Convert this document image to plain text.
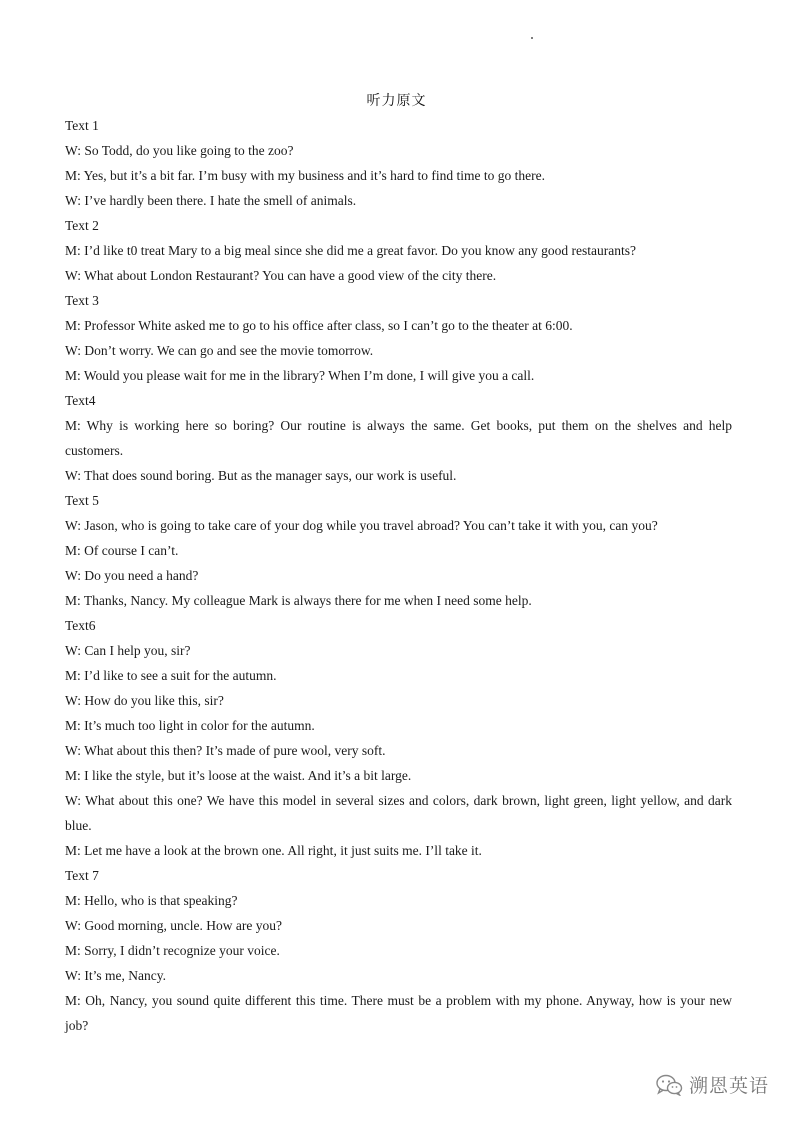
听力原文

Text 1

W: So Todd, do you like going to the zoo?

M: Yes, but it’s a bit far. I’m busy with my business and it’s hard to find time to go there.

W: I’ve hardly been there. I hate the smell of animals.

Text 2

M: I’d like t0 treat Mary to a big meal since she did me a great favor. Do you know any good restaurants?

W: What about London Restaurant? You can have a good view of the city there.

Text 3

M: Professor White asked me to go to his office after class, so I can’t go to the theater at 6:00.

W: Don’t worry. We can go and see the movie tomorrow.

M: Would you please wait for me in the library? When I’m done, I will give you a call.

Text4

M: Why is working here so boring? Our routine is always the same. Get books, put them on the shelves and help customers.

W: That does sound boring. But as the manager says, our work is useful.

Text 5

W: Jason, who is going to take care of your dog while you travel abroad? You can’t take it with you, can you?

M: Of course I can’t.

W: Do you need a hand?

M: Thanks, Nancy. My colleague Mark is always there for me when I need some help.

Text6

W: Can I help you, sir?

M: I’d like to see a suit for the autumn.

W: How do you like this, sir?

M: It’s much too light in color for the autumn.

W: What about this then? It’s made of pure wool, very soft.

M: I like the style, but it’s loose at the waist. And it’s a bit large.

W: What about this one? We have this model in several sizes and colors, dark brown, light green, light yellow, and dark blue.

M: Let me have a look at the brown one. All right, it just suits me. I’ll take it.

Text 7

M: Hello, who is that speaking?

W: Good morning, uncle. How are you?

M: Sorry, I didn’t recognize your voice.

W: It’s me, Nancy.

M: Oh, Nancy, you sound quite different this time. There must be a problem with my phone. Anyway, how is your new job?

溯恩英语
